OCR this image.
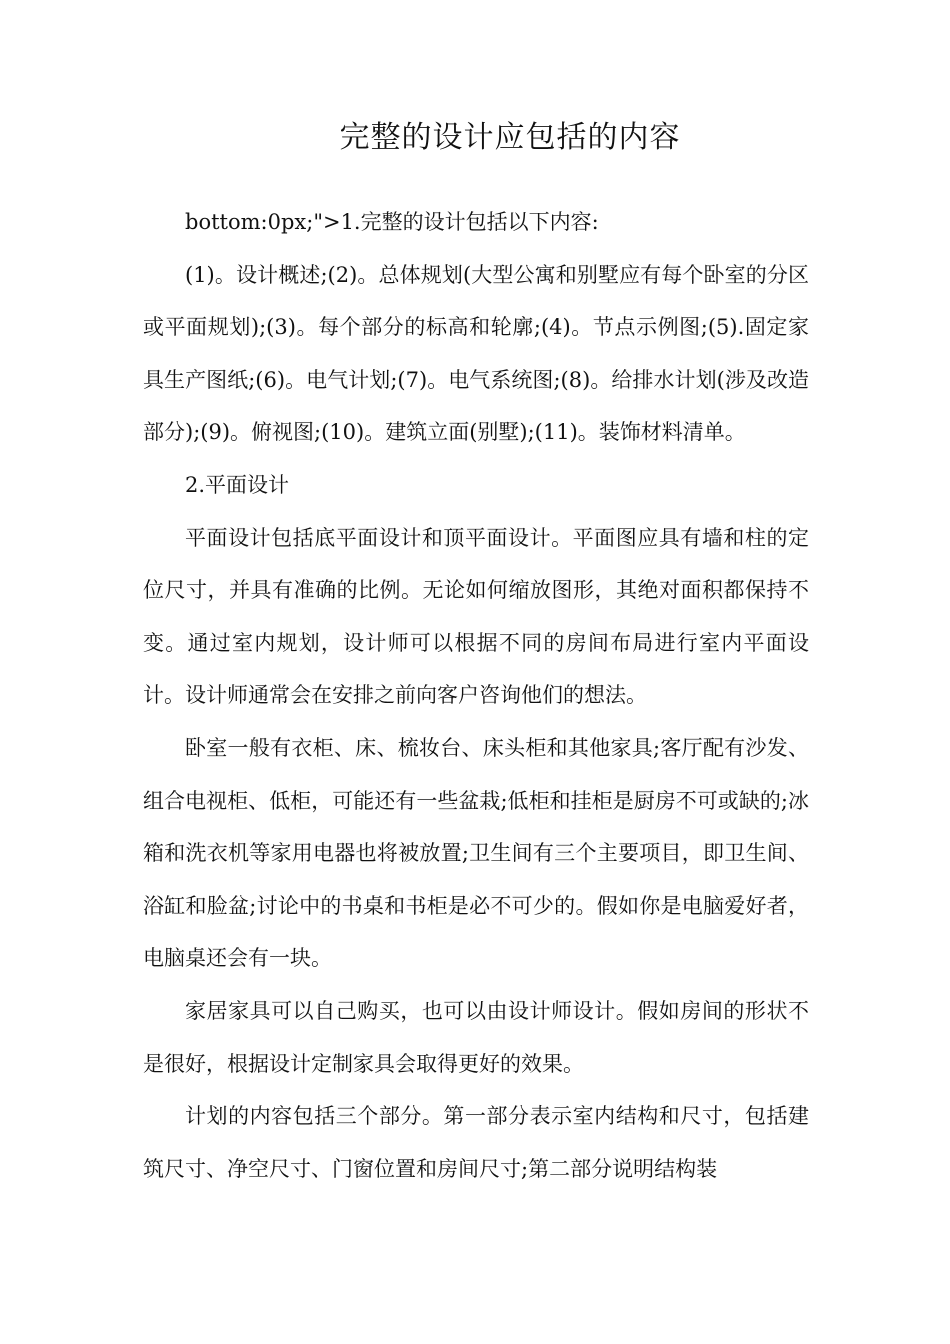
完整的设计应包括的内容

bottom:0px;">1.完整的设计包括以下内容:

(1)。设计概述;(2)。总体规划(大型公寓和别墅应有每个卧室的分区或平面规划);(3)。每个部分的标高和轮廓;(4)。节点示例图;(5).固定家具生产图纸;(6)。电气计划;(7)。电气系统图;(8)。给排水计划(涉及改造部分);(9)。俯视图;(10)。建筑立面(别墅);(11)。装饰材料清单。

2.平面设计

平面设计包括底平面设计和顶平面设计。平面图应具有墙和柱的定位尺寸，并具有准确的比例。无论如何缩放图形，其绝对面积都保持不变。通过室内规划，设计师可以根据不同的房间布局进行室内平面设计。设计师通常会在安排之前向客户咨询他们的想法。

卧室一般有衣柜、床、梳妆台、床头柜和其他家具;客厅配有沙发、组合电视柜、低柜，可能还有一些盆栽;低柜和挂柜是厨房不可或缺的;冰箱和洗衣机等家用电器也将被放置;卫生间有三个主要项目，即卫生间、浴缸和脸盆;讨论中的书桌和书柜是必不可少的。假如你是电脑爱好者，电脑桌还会有一块。

家居家具可以自己购买，也可以由设计师设计。假如房间的形状不是很好，根据设计定制家具会取得更好的效果。

计划的内容包括三个部分。第一部分表示室内结构和尺寸，包括建筑尺寸、净空尺寸、门窗位置和房间尺寸;第二部分说明结构装
